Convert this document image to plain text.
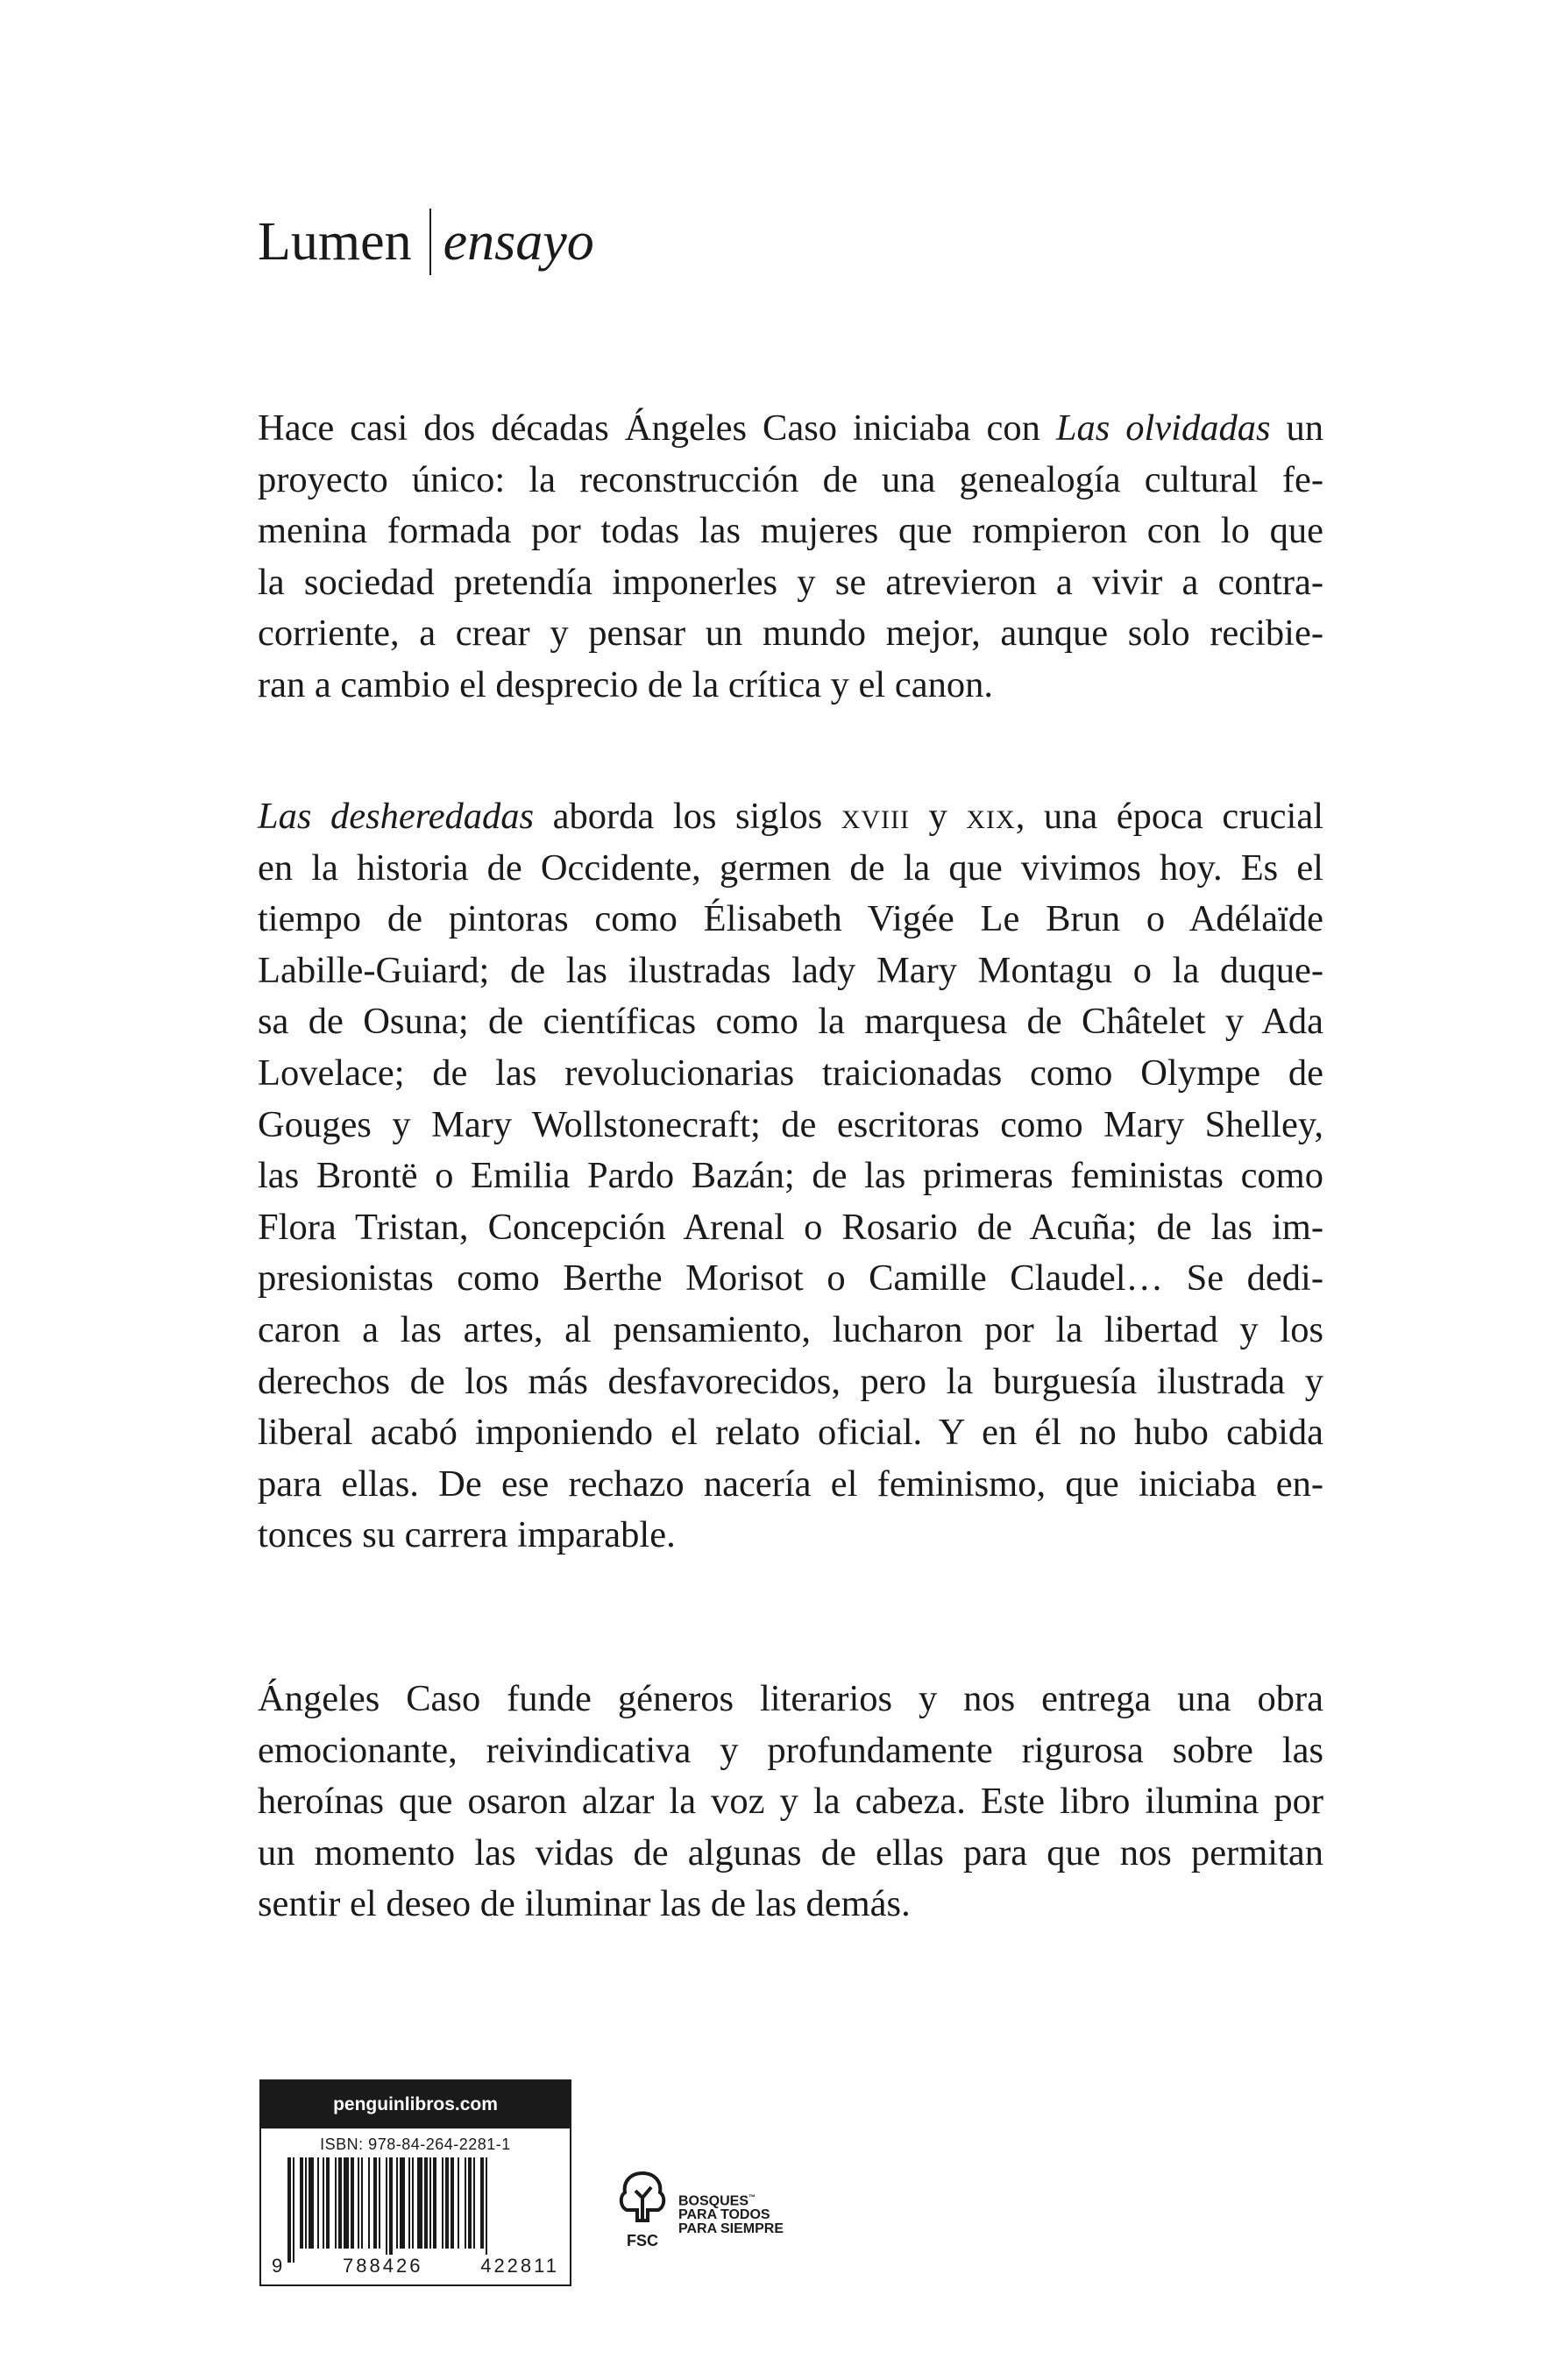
Lumen ensayo
Hace casi dos décadas Ángeles Caso iniciaba con Las olvidadas un
proyecto único: la reconstrucción de una genealogía cultural fe-
menina formada por todas las mujeres que rompieron con lo que
la sociedad pretendía imponerles y se atrevieron a vivir a contra-
corriente, a crear y pensar un mundo mejor, aunque solo recibie-
ran a cambio el desprecio de la crítica y el canon.
Las desheredadas aborda los siglos xviii y xix, una época crucial
en la historia de Occidente, germen de la que vivimos hoy. Es el
tiempo de pintoras como Élisabeth Vigée Le Brun o Adélaïde
Labille-Guiard; de las ilustradas lady Mary Montagu o la duque-
sa de Osuna; de científicas como la marquesa de Châtelet y Ada
Lovelace; de las revolucionarias traicionadas como Olympe de
Gouges y Mary Wollstonecraft; de escritoras como Mary Shelley,
las Brontë o Emilia Pardo Bazán; de las primeras feministas como
Flora Tristan, Concepción Arenal o Rosario de Acuña; de las im-
presionistas como Berthe Morisot o Camille Claudel… Se dedi-
caron a las artes, al pensamiento, lucharon por la libertad y los
derechos de los más desfavorecidos, pero la burguesía ilustrada y
liberal acabó imponiendo el relato oficial. Y en él no hubo cabida
para ellas. De ese rechazo nacería el feminismo, que iniciaba en-
tonces su carrera imparable.
Ángeles Caso funde géneros literarios y nos entrega una obra
emocionante, reivindicativa y profundamente rigurosa sobre las
heroínas que osaron alzar la voz y la cabeza. Este libro ilumina por
un momento las vidas de algunas de ellas para que nos permitan
sentir el deseo de iluminar las de las demás.
penguinlibros.com
ISBN: 978-84-264-2281-1
9	788426	422811
FSC
BOSQUES™
PARA TODOS
PARA SIEMPRE
